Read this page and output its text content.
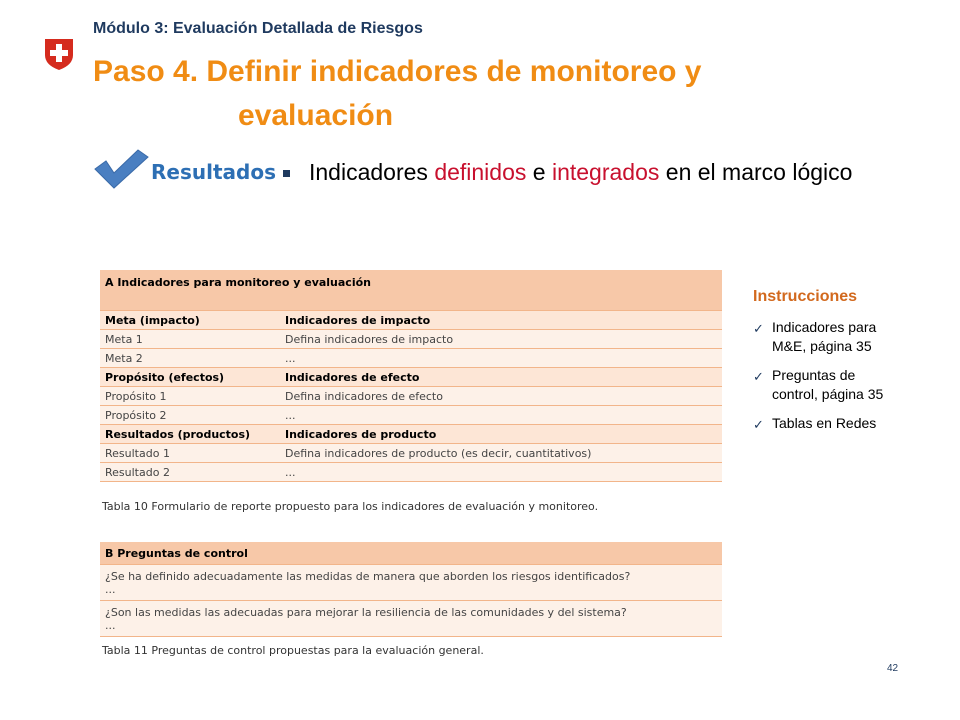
Módulo 3: Evaluación Detallada de Riesgos
Paso 4. Definir indicadores de monitoreo y
evaluación
Resultados Indicadores definidos e integrados en el marco lógico
A Indicadores para monitoreo y evaluación	
Meta (impacto)	Indicadores de impacto
Meta 1	Defina indicadores de impacto
Meta 2	...
Propósito (efectos)	Indicadores de efecto
Propósito 1	Defina indicadores de efecto
Propósito 2	...
Resultados (productos)	Indicadores de producto
Resultado 1	Defina indicadores de producto (es decir, cuantitativos)
Resultado 2	...
Tabla 10 Formulario de reporte propuesto para los indicadores de evaluación y monitoreo.
B Preguntas de control

¿Se ha definido adecuadamente las medidas de manera que aborden los riesgos identificados?
...

¿Son las medidas las adecuadas para mejorar la resiliencia de las comunidades y del sistema?
...
Tabla 11 Preguntas de control propuestas para la evaluación general.
Instrucciones
✓ Indicadores para M&E, página 35
✓ Preguntas de control, página 35
✓ Tablas en Redes
42
